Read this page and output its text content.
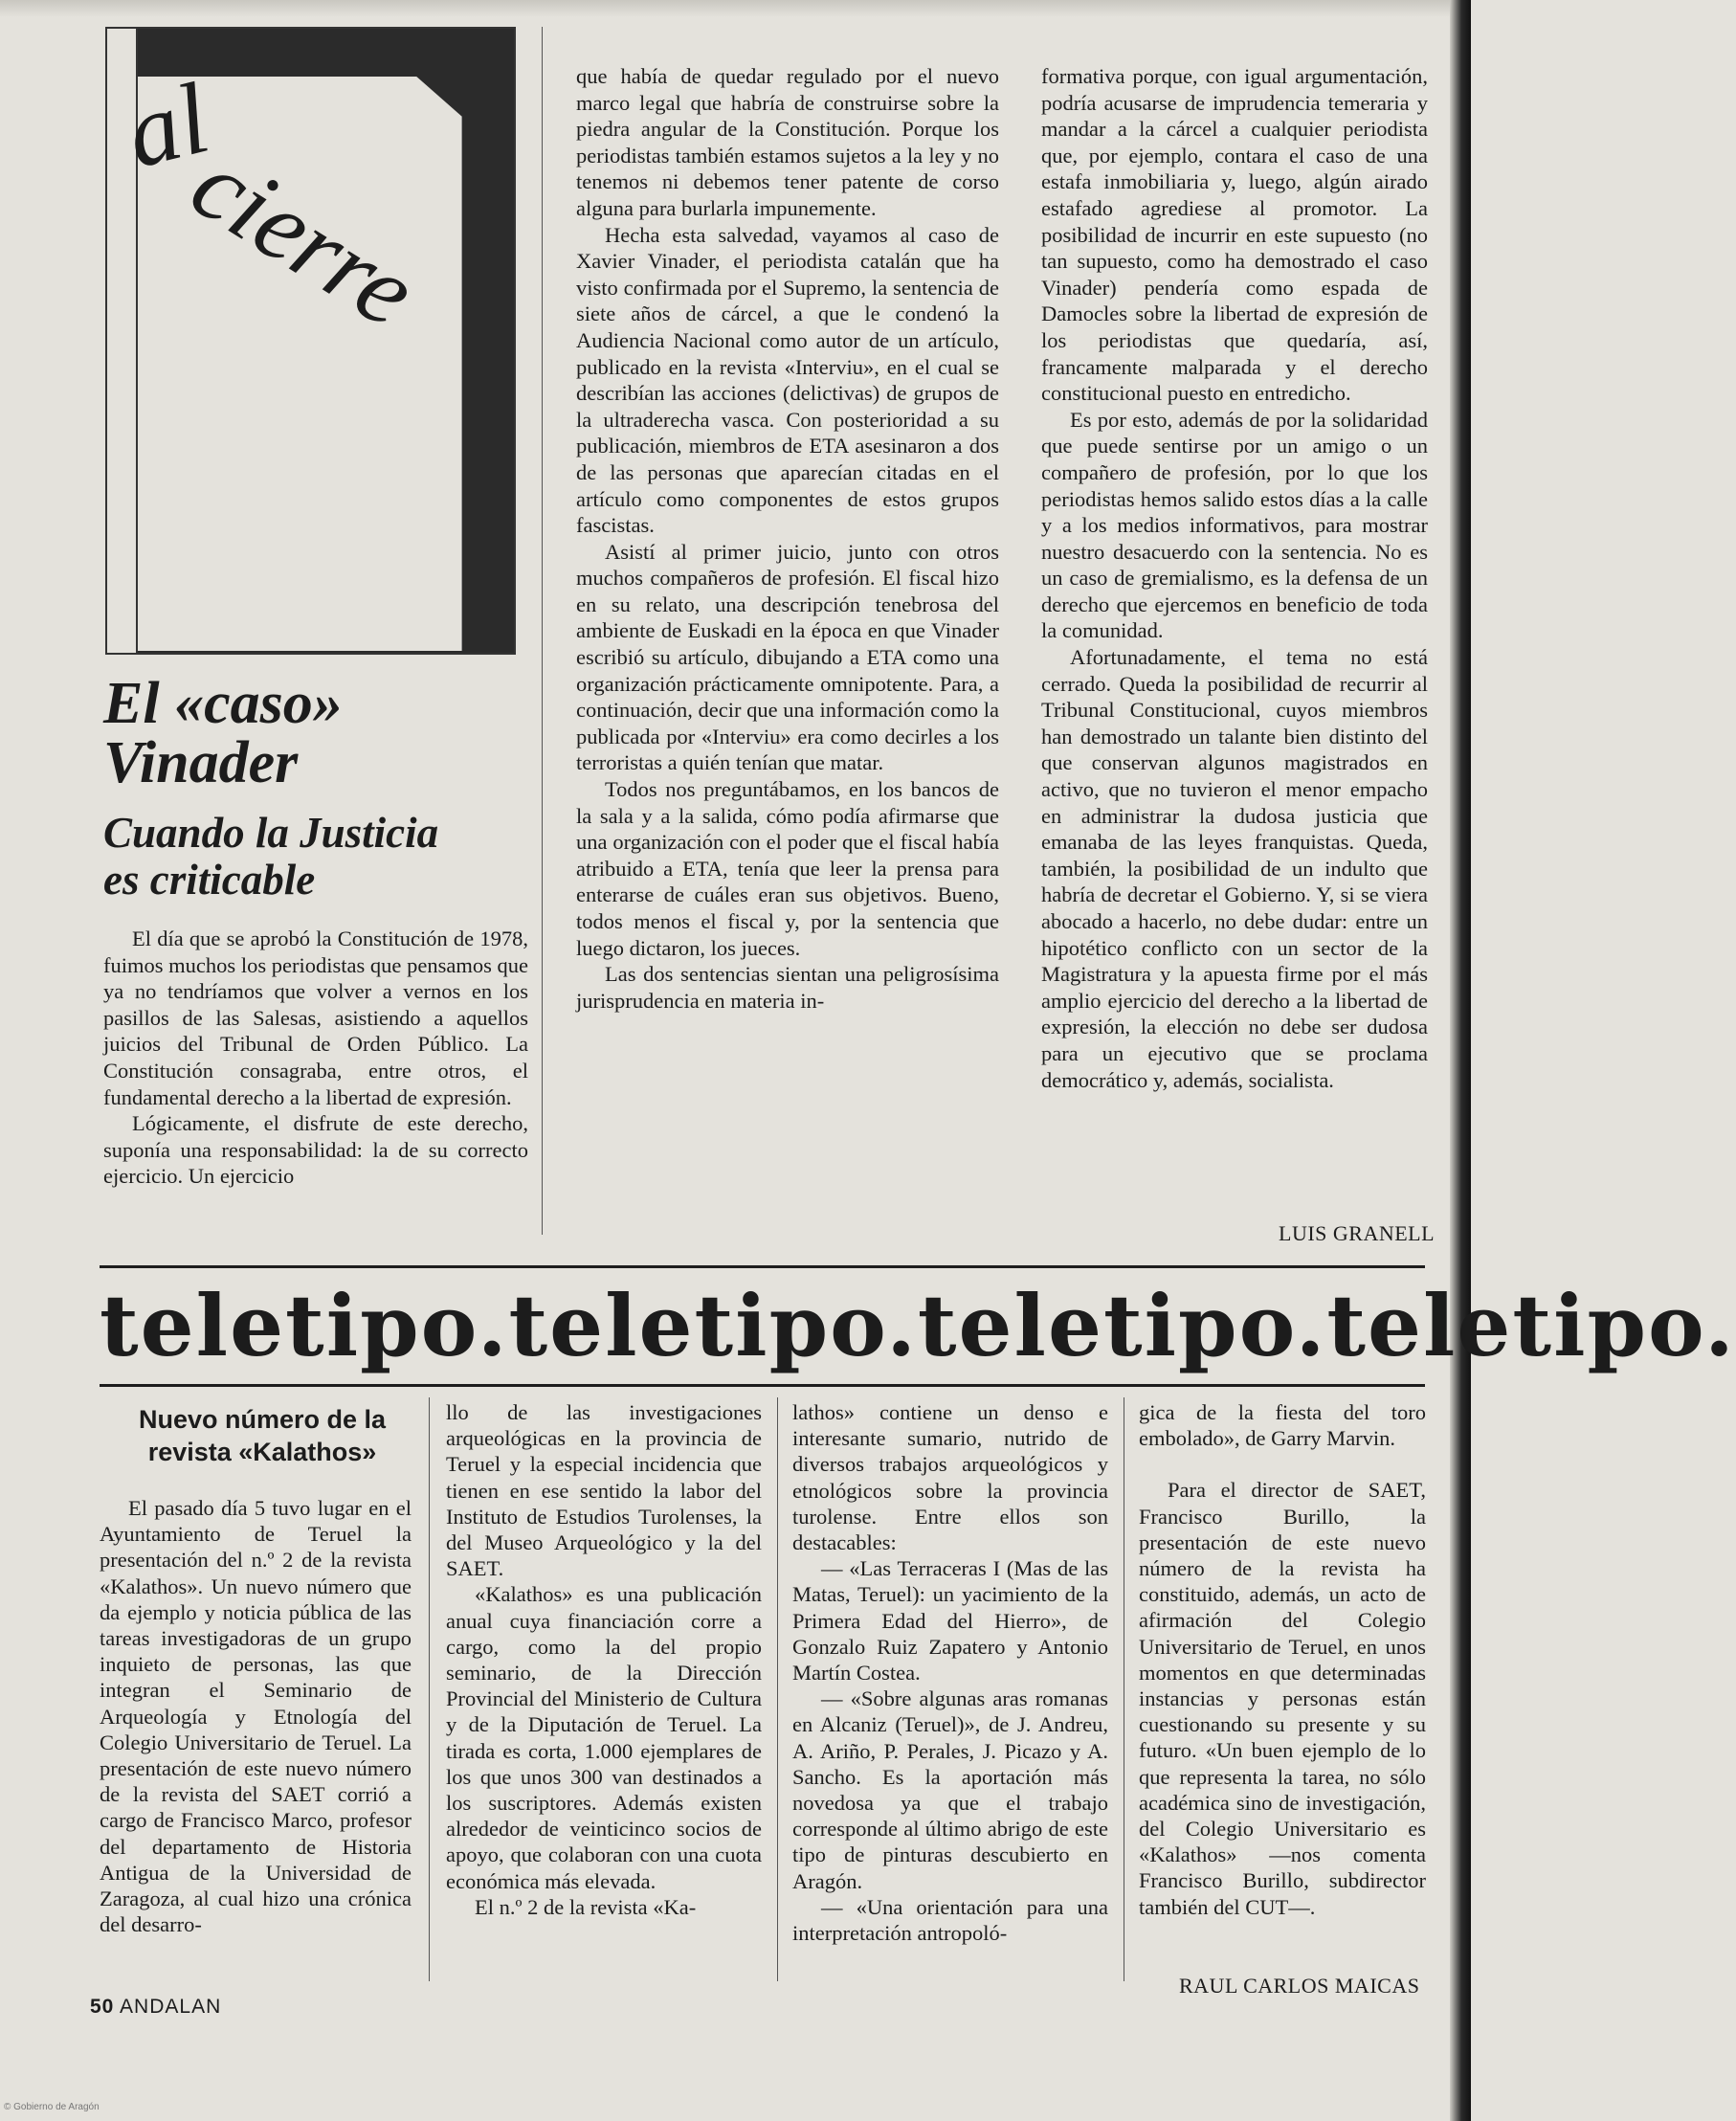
al
cierre
El «caso»
Vinader
Cuando la Justicia
es criticable

El día que se aprobó la Constitución de 1978, fuimos muchos los periodistas que pensamos que ya no tendríamos que volver a vernos en los pasillos de las Salesas, asistiendo a aquellos juicios del Tribunal de Orden Público. La Constitución consagraba, entre otros, el fundamental derecho a la libertad de expresión.

Lógicamente, el disfrute de este derecho, suponía una responsabilidad: la de su correcto ejercicio. Un ejercicio

que había de quedar regulado por el nuevo marco legal que habría de construirse sobre la piedra angular de la Constitución. Porque los periodistas también estamos sujetos a la ley y no tenemos ni debemos tener patente de corso alguna para burlarla impunemente.

Hecha esta salvedad, vayamos al caso de Xavier Vinader, el periodista catalán que ha visto confirmada por el Supremo, la sentencia de siete años de cárcel, a que le condenó la Audiencia Nacional como autor de un artículo, publicado en la revista «Interviu», en el cual se describían las acciones (delictivas) de grupos de la ultraderecha vasca. Con posterioridad a su publicación, miembros de ETA asesinaron a dos de las personas que aparecían citadas en el artículo como componentes de estos grupos fascistas.

Asistí al primer juicio, junto con otros muchos compañeros de profesión. El fiscal hizo en su relato, una descripción tenebrosa del ambiente de Euskadi en la época en que Vinader escribió su artículo, dibujando a ETA como una organización prácticamente omnipotente. Para, a continuación, decir que una información como la publicada por «Interviu» era como decirles a los terroristas a quién tenían que matar.

Todos nos preguntábamos, en los bancos de la sala y a la salida, cómo podía afirmarse que una organización con el poder que el fiscal había atribuido a ETA, tenía que leer la prensa para enterarse de cuáles eran sus objetivos. Bueno, todos menos el fiscal y, por la sentencia que luego dictaron, los jueces.

Las dos sentencias sientan una peligrosísima jurisprudencia en materia in-

formativa porque, con igual argumentación, podría acusarse de imprudencia temeraria y mandar a la cárcel a cualquier periodista que, por ejemplo, contara el caso de una estafa inmobiliaria y, luego, algún airado estafado agrediese al promotor. La posibilidad de incurrir en este supuesto (no tan supuesto, como ha demostrado el caso Vinader) pendería como espada de Damocles sobre la libertad de expresión de los periodistas que quedaría, así, francamente malparada y el derecho constitucional puesto en entredicho.

Es por esto, además de por la solidaridad que puede sentirse por un amigo o un compañero de profesión, por lo que los periodistas hemos salido estos días a la calle y a los medios informativos, para mostrar nuestro desacuerdo con la sentencia. No es un caso de gremialismo, es la defensa de un derecho que ejercemos en beneficio de toda la comunidad.

Afortunadamente, el tema no está cerrado. Queda la posibilidad de recurrir al Tribunal Constitucional, cuyos miembros han demostrado un talante bien distinto del que conservan algunos magistrados en activo, que no tuvieron el menor empacho en administrar la dudosa justicia que emanaba de las leyes franquistas. Queda, también, la posibilidad de un indulto que habría de decretar el Gobierno. Y, si se viera abocado a hacerlo, no debe dudar: entre un hipotético conflicto con un sector de la Magistratura y la apuesta firme por el más amplio ejercicio del derecho a la libertad de expresión, la elección no debe ser dudosa para un ejecutivo que se proclama democrático y, además, socialista.

LUIS GRANELL
teletipo. teletipo. teletipo. teletipo.
Nuevo número de la
revista «Kalathos»

El pasado día 5 tuvo lugar en el Ayuntamiento de Teruel la presentación del n.º 2 de la revista «Kalathos». Un nuevo número que da ejemplo y noticia pública de las tareas investigadoras de un grupo inquieto de personas, las que integran el Seminario de Arqueología y Etnología del Colegio Universitario de Teruel. La presentación de este nuevo número de la revista del SAET corrió a cargo de Francisco Marco, profesor del departamento de Historia Antigua de la Universidad de Zaragoza, al cual hizo una crónica del desarro-

llo de las investigaciones arqueológicas en la provincia de Teruel y la especial incidencia que tienen en ese sentido la labor del Instituto de Estudios Turolenses, la del Museo Arqueológico y la del SAET.

«Kalathos» es una publicación anual cuya financiación corre a cargo, como la del propio seminario, de la Dirección Provincial del Ministerio de Cultura y de la Diputación de Teruel. La tirada es corta, 1.000 ejemplares de los que unos 300 van destinados a los suscriptores. Además existen alrededor de veinticinco socios de apoyo, que colaboran con una cuota económica más elevada.

El n.º 2 de la revista «Ka-

lathos» contiene un denso e interesante sumario, nutrido de diversos trabajos arqueológicos y etnológicos sobre la provincia turolense. Entre ellos son destacables:

— «Las Terraceras I (Mas de las Matas, Teruel): un yacimiento de la Primera Edad del Hierro», de Gonzalo Ruiz Zapatero y Antonio Martín Costea.

— «Sobre algunas aras romanas en Alcaniz (Teruel)», de J. Andreu, A. Ariño, P. Perales, J. Picazo y A. Sancho. Es la aportación más novedosa ya que el trabajo corresponde al último abrigo de este tipo de pinturas descubierto en Aragón.

— «Una orientación para una interpretación antropoló-

gica de la fiesta del toro embolado», de Garry Marvin.

Para el director de SAET, Francisco Burillo, la presentación de este nuevo número de la revista ha constituido, además, un acto de afirmación del Colegio Universitario de Teruel, en unos momentos en que determinadas instancias y personas están cuestionando su presente y su futuro. «Un buen ejemplo de lo que representa la tarea, no sólo académica sino de investigación, del Colegio Universitario es «Kalathos» —nos comenta Francisco Burillo, subdirector también del CUT—.

RAUL CARLOS MAICAS
50 ANDALAN
© Gobierno de Aragón
